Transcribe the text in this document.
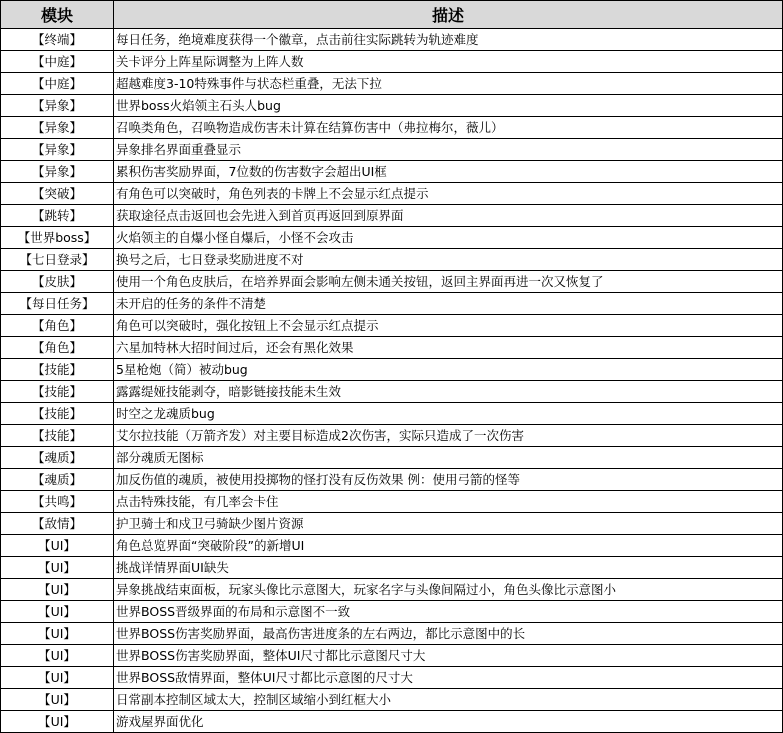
模块	描述
【终端】	每日任务，绝境难度获得一个徽章，点击前往实际跳转为轨迹难度
【中庭】	关卡评分上阵星际调整为上阵人数
【中庭】	超越难度3-10特殊事件与状态栏重叠，无法下拉
【异象】	世界boss火焰领主石头人bug
【异象】	召唤类角色，召唤物造成伤害未计算在结算伤害中（弗拉梅尔，薇儿）
【异象】	异象排名界面重叠显示
【异象】	累积伤害奖励界面，7位数的伤害数字会超出UI框
【突破】	有角色可以突破时，角色列表的卡牌上不会显示红点提示
【跳转】	获取途径点击返回也会先进入到首页再返回到原界面
【世界boss】	火焰领主的自爆小怪自爆后，小怪不会攻击
【七日登录】	换号之后，七日登录奖励进度不对
【皮肤】	使用一个角色皮肤后，在培养界面会影响左侧未通关按钮，返回主界面再进一次又恢复了
【每日任务】	未开启的任务的条件不清楚
【角色】	角色可以突破时，强化按钮上不会显示红点提示
【角色】	六星加特林大招时间过后，还会有黑化效果
【技能】	5星枪炮（简）被动bug
【技能】	露露缇娅技能剥夺，暗影链接技能未生效
【技能】	时空之龙魂质bug
【技能】	艾尔拉技能（万箭齐发）对主要目标造成2次伤害，实际只造成了一次伤害
【魂质】	部分魂质无图标
【魂质】	加反伤值的魂质，被使用投掷物的怪打没有反伤效果 例：使用弓箭的怪等
【共鸣】	点击特殊技能，有几率会卡住
【敌情】	护卫骑士和戍卫弓骑缺少图片资源
【UI】	角色总览界面“突破阶段”的新增UI
【UI】	挑战详情界面UI缺失
【UI】	异象挑战结束面板，玩家头像比示意图大，玩家名字与头像间隔过小，角色头像比示意图小
【UI】	世界BOSS晋级界面的布局和示意图不一致
【UI】	世界BOSS伤害奖励界面，最高伤害进度条的左右两边，都比示意图中的长
【UI】	世界BOSS伤害奖励界面，整体UI尺寸都比示意图尺寸大
【UI】	世界BOSS敌情界面，整体UI尺寸都比示意图的尺寸大
【UI】	日常副本控制区域太大，控制区域缩小到红框大小
【UI】	游戏屋界面优化
